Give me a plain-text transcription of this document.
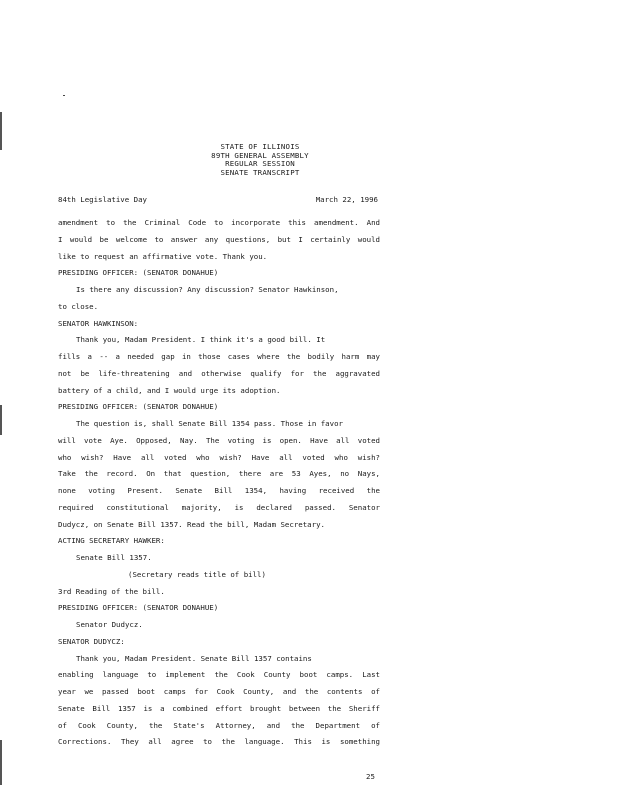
STATE OF ILLINOIS
89TH GENERAL ASSEMBLY
REGULAR SESSION
SENATE TRANSCRIPT
84th Legislative Day	March 22, 1996
amendment to the Criminal Code to incorporate this amendment. And
I would be welcome to answer any questions, but I certainly would
like to request an affirmative vote. Thank you.
PRESIDING OFFICER: (SENATOR DONAHUE)
Is there any discussion? Any discussion? Senator Hawkinson,
to close.
SENATOR HAWKINSON:
Thank you, Madam President. I think it's a good bill. It
fills a -- a needed gap in those cases where the bodily harm may
not be life-threatening and otherwise qualify for the aggravated
battery of a child, and I would urge its adoption.
PRESIDING OFFICER: (SENATOR DONAHUE)
The question is, shall Senate Bill 1354 pass. Those in favor
will vote Aye. Opposed, Nay. The voting is open. Have all voted
who wish? Have all voted who wish? Have all voted who wish?
Take the record. On that question, there are 53 Ayes, no Nays,
none voting Present. Senate Bill 1354, having received the
required constitutional majority, is declared passed. Senator
Dudycz, on Senate Bill 1357. Read the bill, Madam Secretary.
ACTING SECRETARY HAWKER:
Senate Bill 1357.
(Secretary reads title of bill)
3rd Reading of the bill.
PRESIDING OFFICER: (SENATOR DONAHUE)
Senator Dudycz.
SENATOR DUDYCZ:
Thank you, Madam President. Senate Bill 1357 contains
enabling language to implement the Cook County boot camps. Last
year we passed boot camps for Cook County, and the contents of
Senate Bill 1357 is a combined effort brought between the Sheriff
of Cook County, the State's Attorney, and the Department of
Corrections. They all agree to the language. This is something
25
